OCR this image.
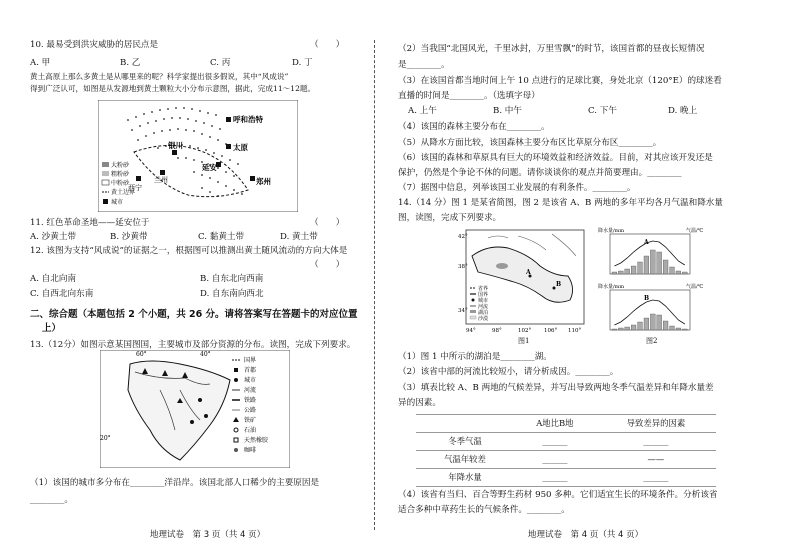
10. 最易受到洪灾威胁的居民点是	（　　）
A. 甲	B. 乙	C. 丙	D. 丁
黄土高原上那么多黄土是从哪里来的呢？科学家提出很多假说，其中“风成说”
得到广泛认可，如图是从发源地到黄土颗粒大小分布示意图，据此，完成11～12题。
呼和浩特
银川	太原
延安
郑州
西宁
兰州
大粉砂
粗粉砂
中粉砂
黄土边界
城市
11. 红色革命圣地——延安位于	（　　）
A. 沙黄土带	B. 沙黄带	C. 黏黄土带	D. 黄土带
12. 该图为支持“风成说”的证据之一，根据图可以推测出黄土随风流动的方向大体是
（　　）
A. 自北向南	B. 自东北向西南
C. 自西北向东南	D. 自东南向西北
二、综合题（本题包括 2 个小题，共 26 分。请将答案写在答题卡的对应位置
上）
13.（12分）如图示意某国图国，主要城市及部分资源的分布。读图，完成下列要求。
60°	40°
20°
国界
首都
城市
河流
铁路
公路
铁矿
石油
天然橡胶
咖啡
（1）该国的城市多分布在________洋沿岸。该国北部人口稀少的主要原因是
________。
地理试卷　第 3 页（共 4 页）
（2）当我国“北国风光，千里冰封，万里雪飘”的时节，该国首都的昼夜长短情况
是________。
（3）在该国首都当地时间上午 10 点进行的足球比赛，身处北京（120°E）的球迷看
直播的时间是________。（选填字母）
A. 上午	B. 中午	C. 下午	D. 晚上
（4）该国的森林主要分布在________。
（5）从降水方面比较，该国森林主要分布区比草原分布区________。
（6）该国的森林和草原具有巨大的环境效益和经济效益。目前，对其应该开发还是
保护，仍然是个争论不休的问题。请你谈谈你的观点并简要理由。________
（7）据图中信息，列举该国工业发展的有利条件。________。
14.（14 分）图 1 是某省简图，图 2 是该省 A、B 两地的多年平均各月气温和降水量
图，读图，完成下列要求。
42°
38°
34°
94°	98°	102° 106° 110°
A
B
省界
国界
城市
河流
湖泊
沙漠
图1
降水量/mm	气温/℃
A
降水量/mm	气温/℃
B
图2
（1）图 1 中所示的湖泊是________湖。
（2）该省中部的河流比较短小，请分析成因。________。
（3）填表比较 A、B 两地的气候差异，并写出导致两地冬季气温差异和年降水量差
异的因素。
	A地比B地	导致差异的因素
冬季气温	______	______
气温年较差	______	——
年降水量	______	______
（4）该省有当归、百合等野生药材 950 多种。它们适宜生长的环境条件。分析该省
适合多种中草药生长的气候条件。________。
地理试卷　第 4 页（共 4 页）
